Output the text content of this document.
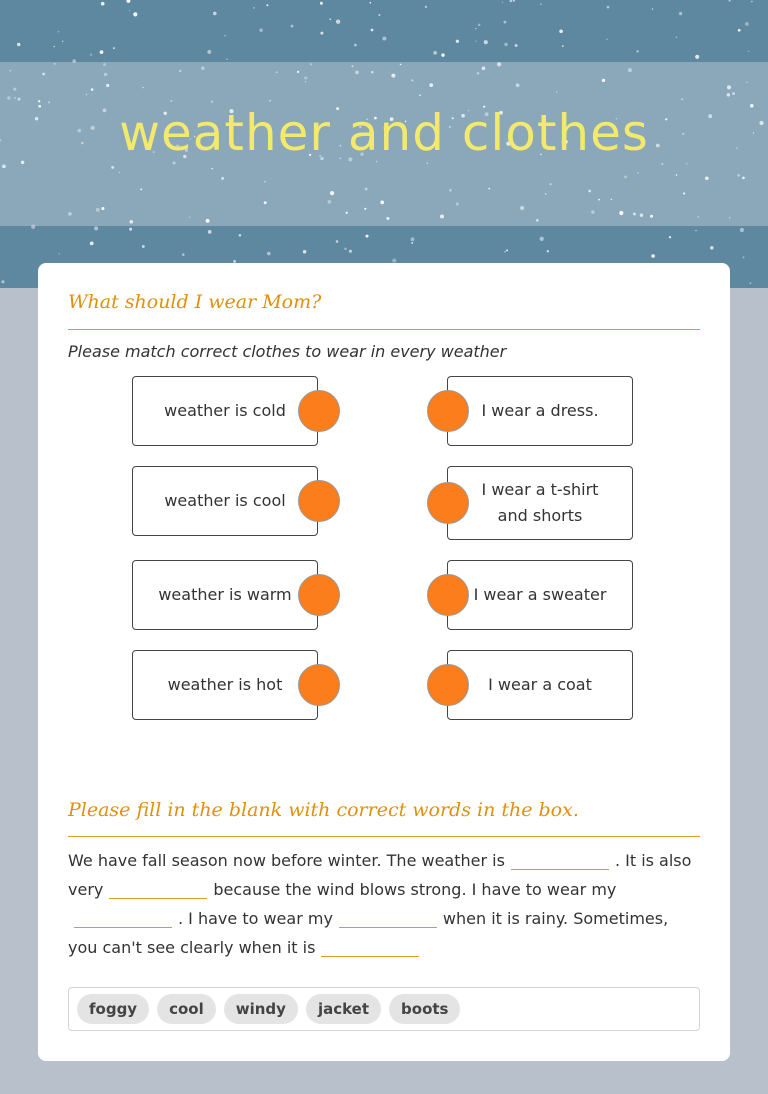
weather and clothes
What should I wear Mom?
Please match correct clothes to wear in every weather
weather is cold
weather is cool
weather is warm
weather is hot
I wear a dress.
I wear a t-shirt and shorts
I wear a sweater
I wear a coat
Please fill in the blank with correct words in the box.
We have fall season now before winter. The weather is	. It is also very	because the wind blows strong. I have to wear my . I have to wear my	when it is rainy. Sometimes, you can't see clearly when it is
foggy	cool	windy	jacket	boots
